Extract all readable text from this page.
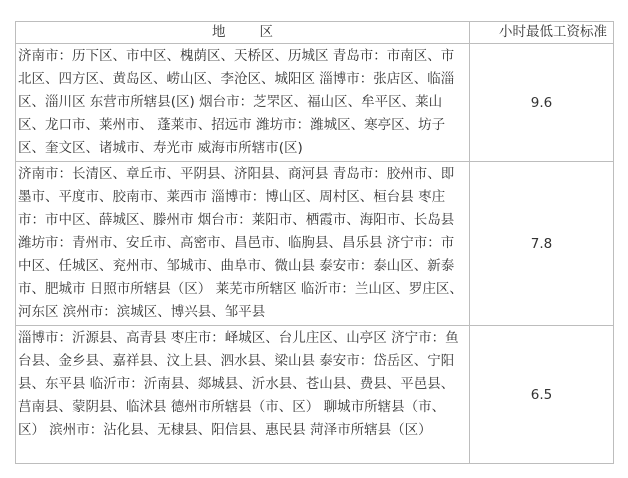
地 区	小时最低工资标准
济南市：历下区、市中区、槐荫区、天桥区、历城区 青岛市：市南区、市北区、四方区、黄岛区、崂山区、李沧区、城阳区 淄博市：张店区、临淄区、淄川区 东营市所辖县(区) 烟台市：芝罘区、福山区、牟平区、莱山区、龙口市、莱州市、 蓬莱市、招远市 潍坊市：潍城区、寒亭区、坊子区、奎文区、诸城市、寿光市 威海市所辖市(区)	9.6
济南市：长清区、章丘市、平阴县、济阳县、商河县 青岛市：胶州市、即墨市、平度市、胶南市、莱西市 淄博市：博山区、周村区、桓台县 枣庄市：市中区、薛城区、滕州市 烟台市：莱阳市、栖霞市、海阳市、长岛县 潍坊市：青州市、安丘市、高密市、昌邑市、临朐县、昌乐县 济宁市：市中区、任城区、兖州市、邹城市、曲阜市、微山县 泰安市：泰山区、新泰市、肥城市 日照市所辖县（区） 莱芜市所辖区 临沂市：兰山区、罗庄区、河东区 滨州市：滨城区、博兴县、邹平县	7.8
淄博市：沂源县、高青县 枣庄市：峄城区、台儿庄区、山亭区 济宁市：鱼台县、金乡县、嘉祥县、汶上县、泗水县、梁山县 泰安市：岱岳区、宁阳县、东平县 临沂市：沂南县、郯城县、沂水县、苍山县、费县、平邑县、莒南县、蒙阴县、临沭县 德州市所辖县（市、区） 聊城市所辖县（市、区） 滨州市：沾化县、无棣县、阳信县、惠民县 菏泽市所辖县（区）	6.5
